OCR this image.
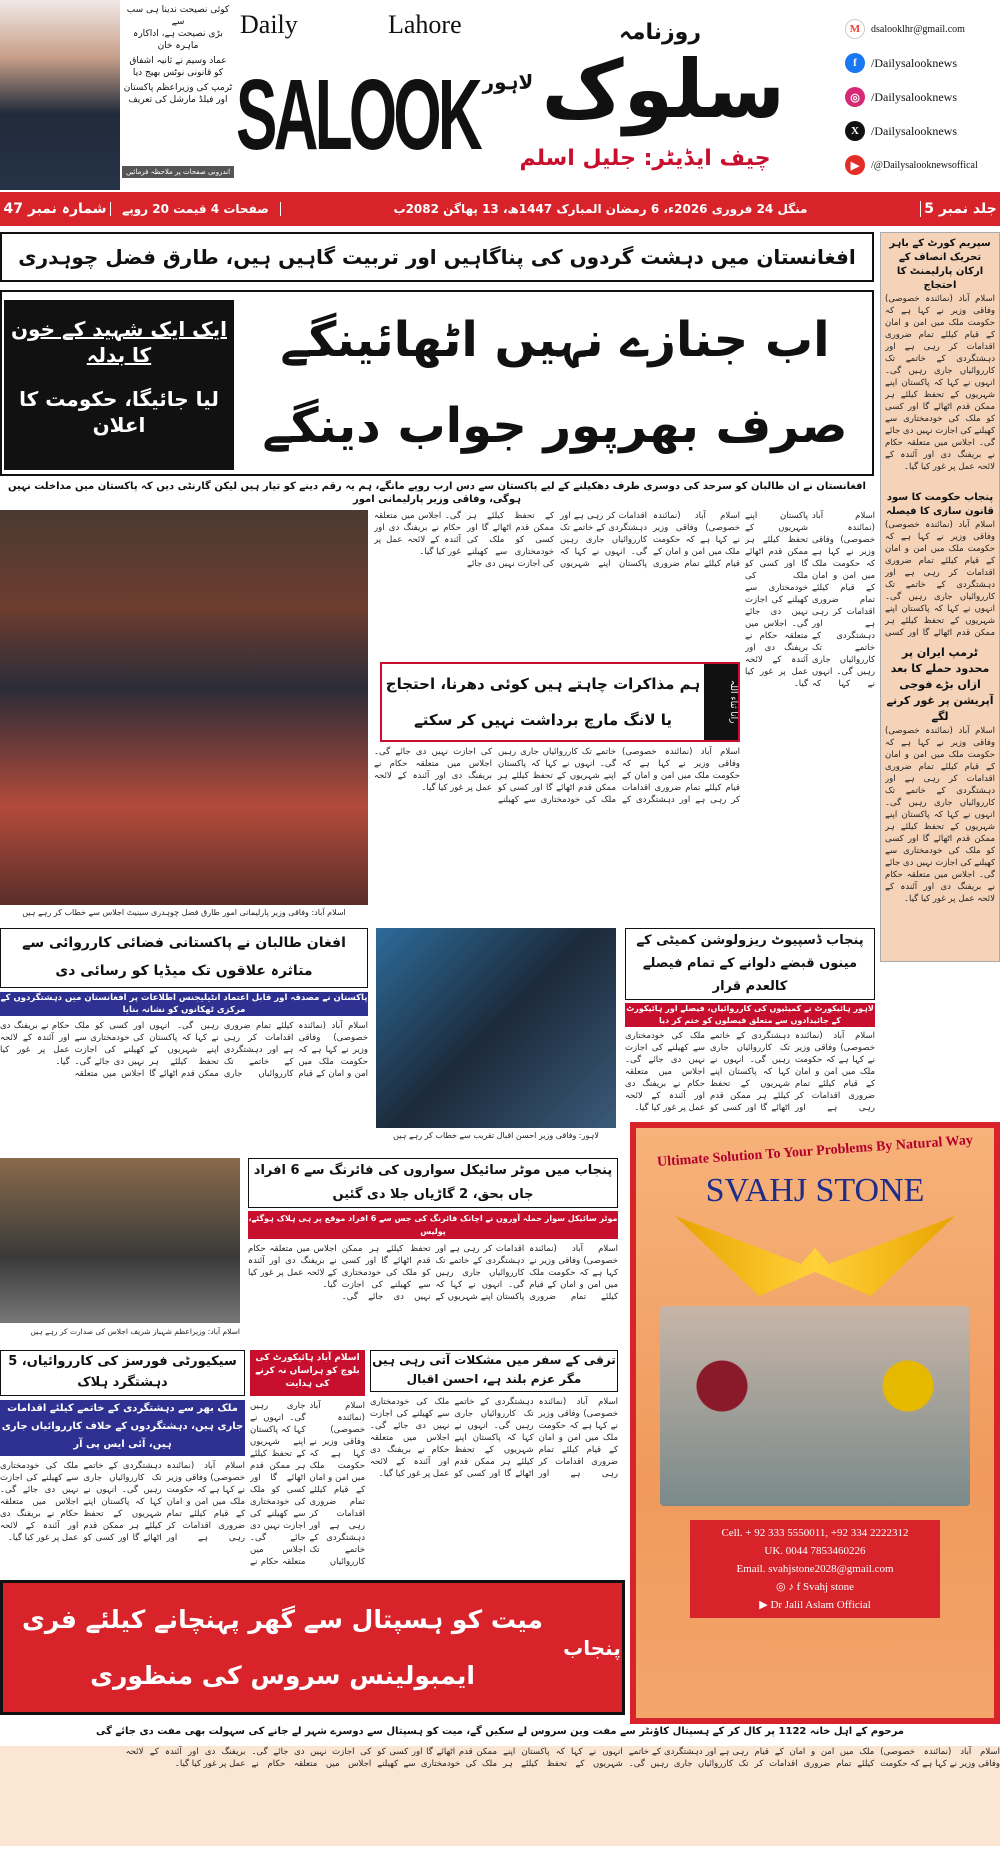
کوئی نصیحت ندینا ہی سب سے
بڑی نصیحت ہے، اداکارہ ماہرہ خان
عماد وسیم نے ثانیہ اشفاق
کو قانونی نوٹس بھیج دیا
ٹرمپ کی وزیراعظم پاکستان
اور فیلڈ مارشل کی تعریف
اندرونی صفحات پر ملاحظہ فرمائیں
Daily	Lahore
SALOOK
روزنامہ
لاہور سلوک
چیف ایڈیٹر: جلیل اسلم
M	dsalooklhr@gmail.com
f	/Dailysalooknews
◎ /Dailysalooknews
X	/Dailysalooknews
▶	/@Dailysalooknewsoffical
جلد نمبر 5
منگل 24 فروری 2026ء، 6 رمضان المبارک 1447ھ، 13 پھاگن 2082ب
صفحات 4 قیمت 20 روپے
شمارہ نمبر 47
افغانستان میں دہشت گردوں کی پناگاہیں اور تربیت گاہیں ہیں، طارق فضل چوہدری
سپریم کورٹ کے باہر تحریک انصاف کے ارکان پارلیمنٹ کا احتجاج
اسلام آباد (نمائندہ خصوصی) وفاقی وزیر نے کہا ہے کہ حکومت ملک میں امن و امان کے قیام کیلئے تمام ضروری اقدامات کر رہی ہے اور دہشتگردی کے خاتمے تک کارروائیاں جاری رہیں گی۔ انہوں نے کہا کہ پاکستان اپنے شہریوں کے تحفظ کیلئے ہر ممکن قدم اٹھائے گا اور کسی کو ملک کی خودمختاری سے کھیلنے کی اجازت نہیں دی جائے گی۔ اجلاس میں متعلقہ حکام نے بریفنگ دی اور آئندہ کے لائحہ عمل پر غور کیا گیا۔
پنجاب حکومت کا سود قانون سازی کا فیصلہ
اسلام آباد (نمائندہ خصوصی) وفاقی وزیر نے کہا ہے کہ حکومت ملک میں امن و امان کے قیام کیلئے تمام ضروری اقدامات کر رہی ہے اور دہشتگردی کے خاتمے تک کارروائیاں جاری رہیں گی۔ انہوں نے کہا کہ پاکستان اپنے شہریوں کے تحفظ کیلئے ہر ممکن قدم اٹھائے گا اور کسی
ٹرمپ ایران پر محدود حملے کا بعد ازاں بڑے فوجی آپریشن پر غور کرنے لگے
اسلام آباد (نمائندہ خصوصی) وفاقی وزیر نے کہا ہے کہ حکومت ملک میں امن و امان کے قیام کیلئے تمام ضروری اقدامات کر رہی ہے اور دہشتگردی کے خاتمے تک کارروائیاں جاری رہیں گی۔ انہوں نے کہا کہ پاکستان اپنے شہریوں کے تحفظ کیلئے ہر ممکن قدم اٹھائے گا اور کسی کو ملک کی خودمختاری سے کھیلنے کی اجازت نہیں دی جائے گی۔ اجلاس میں متعلقہ حکام نے بریفنگ دی اور آئندہ کے لائحہ عمل پر غور کیا گیا۔
ایک ایک شہید کے خون کا بدلہ
لیا جائیگا، حکومت کا اعلان
اب جنازے نہیں اٹھائینگے
صرف بھرپور جواب دینگے
افغانستان نے ان طالبان کو سرحد کی دوسری طرف دھکیلنے کے لیے پاکستان سے دس ارب روپے مانگے، ہم یہ رقم دینے کو تیار ہیں لیکن گارنٹی دیں کہ پاکستان میں مداخلت نہیں ہوگی، وفاقی وزیر پارلیمانی امور
اسلام آباد: وفاقی وزیر پارلیمانی امور طارق فضل چوہدری سینیٹ اجلاس سے خطاب کر رہے ہیں
اسلام آباد (نمائندہ خصوصی) وفاقی وزیر نے کہا ہے کہ حکومت ملک میں امن و امان کے قیام کیلئے تمام ضروری اقدامات کر رہی ہے اور دہشتگردی کے خاتمے تک کارروائیاں جاری رہیں گی۔ انہوں نے کہا کہ پاکستان اپنے شہریوں کے تحفظ کیلئے ہر ممکن قدم اٹھائے گا اور کسی کو ملک کی خودمختاری سے کھیلنے کی اجازت نہیں دی جائے گی۔ اجلاس میں متعلقہ حکام نے بریفنگ دی اور آئندہ کے لائحہ عمل پر غور کیا گیا۔
ہم مذاکرات چاہتے ہیں کوئی دھرنا، احتجاج یا لانگ مارچ برداشت نہیں کر سکتے	رانا ثناء اللہ
اسلام آباد (نمائندہ خصوصی) وفاقی وزیر نے کہا ہے کہ حکومت ملک میں امن و امان کے قیام کیلئے تمام ضروری اقدامات کر رہی ہے اور دہشتگردی کے خاتمے تک کارروائیاں جاری رہیں گی۔ انہوں نے کہا کہ پاکستان اپنے شہریوں کے تحفظ کیلئے ہر ممکن قدم اٹھائے گا اور کسی کو ملک کی خودمختاری سے کھیلنے کی اجازت نہیں دی جائے گی۔ اجلاس میں متعلقہ حکام نے بریفنگ دی اور آئندہ کے لائحہ عمل پر غور کیا گیا۔
اسلام آباد (نمائندہ خصوصی) وفاقی وزیر نے کہا ہے کہ حکومت ملک میں امن و امان کے قیام کیلئے تمام ضروری اقدامات کر رہی ہے اور دہشتگردی کے خاتمے تک کارروائیاں جاری رہیں گی۔ انہوں نے کہا کہ پاکستان اپنے شہریوں کے تحفظ کیلئے ہر ممکن قدم اٹھائے گا اور کسی کو ملک کی خودمختاری سے کھیلنے کی اجازت نہیں دی جائے گی۔ اجلاس میں متعلقہ حکام نے بریفنگ دی اور آئندہ کے لائحہ عمل پر غور کیا گیا۔
افغان طالبان نے پاکستانی فضائی کارروائی سے متاثرہ علاقوں تک میڈیا کو رسائی دی
پاکستان نے مصدقہ اور قابل اعتماد انٹیلیجنس اطلاعات پر افغانستان میں دہشتگردوں کے مرکزی ٹھکانوں کو نشانہ بنایا
اسلام آباد (نمائندہ خصوصی) وفاقی وزیر نے کہا ہے کہ حکومت ملک میں امن و امان کے قیام کیلئے تمام ضروری اقدامات کر رہی ہے اور دہشتگردی کے خاتمے تک کارروائیاں جاری رہیں گی۔ انہوں نے کہا کہ پاکستان اپنے شہریوں کے تحفظ کیلئے ہر ممکن قدم اٹھائے گا اور کسی کو ملک کی خودمختاری سے کھیلنے کی اجازت نہیں دی جائے گی۔ اجلاس میں متعلقہ حکام نے بریفنگ دی اور آئندہ کے لائحہ عمل پر غور کیا گیا۔
اسلام آباد: وزیراعظم شہباز شریف اجلاس کی صدارت کر رہے ہیں
لاہور: وفاقی وزیر احسن اقبال تقریب سے خطاب کر رہے ہیں
پنجاب ڈسپیوٹ ریزولوشن کمیٹی کے مینوں قبضے دلوانے کے تمام فیصلے کالعدم قرار
لاہور ہائیکورٹ نے کمیٹیوں کی کارروائیاں، فیصلے اور ہائیکورٹ کے جائیدادوں سے متعلق فیصلوں کو ختم کر دیا
اسلام آباد (نمائندہ خصوصی) وفاقی وزیر نے کہا ہے کہ حکومت ملک میں امن و امان کے قیام کیلئے تمام ضروری اقدامات کر رہی ہے اور دہشتگردی کے خاتمے تک کارروائیاں جاری رہیں گی۔ انہوں نے کہا کہ پاکستان اپنے شہریوں کے تحفظ کیلئے ہر ممکن قدم اٹھائے گا اور کسی کو ملک کی خودمختاری سے کھیلنے کی اجازت نہیں دی جائے گی۔ اجلاس میں متعلقہ حکام نے بریفنگ دی اور آئندہ کے لائحہ عمل پر غور کیا گیا۔
پنجاب میں موٹر سائیکل سواروں کی فائرنگ سے 6 افراد جاں بحق، 2 گاڑیاں جلا دی گئیں
موٹر سائیکل سوار حملہ آوروں نے اچانک فائرنگ کی جس سے 6 افراد موقع پر ہی ہلاک ہوگئے، پولیس
اسلام آباد (نمائندہ خصوصی) وفاقی وزیر نے کہا ہے کہ حکومت ملک میں امن و امان کے قیام کیلئے تمام ضروری اقدامات کر رہی ہے اور دہشتگردی کے خاتمے تک کارروائیاں جاری رہیں گی۔ انہوں نے کہا کہ پاکستان اپنے شہریوں کے تحفظ کیلئے ہر ممکن قدم اٹھائے گا اور کسی کو ملک کی خودمختاری سے کھیلنے کی اجازت نہیں دی جائے گی۔ اجلاس میں متعلقہ حکام نے بریفنگ دی اور آئندہ کے لائحہ عمل پر غور کیا گیا۔
سیکیورٹی فورسز کی کارروائیاں، 5 دہشتگرد ہلاک
ملک بھر سے دہشتگردی کے خاتمے کیلئے اقدامات جاری ہیں، دہشتگردوں کے خلاف کارروائیاں جاری ہیں، آئی ایس پی آر
اسلام آباد (نمائندہ خصوصی) وفاقی وزیر نے کہا ہے کہ حکومت ملک میں امن و امان کے قیام کیلئے تمام ضروری اقدامات کر رہی ہے اور دہشتگردی کے خاتمے تک کارروائیاں جاری رہیں گی۔ انہوں نے کہا کہ پاکستان اپنے شہریوں کے تحفظ کیلئے ہر ممکن قدم اٹھائے گا اور کسی کو ملک کی خودمختاری سے کھیلنے کی اجازت نہیں دی جائے گی۔ اجلاس میں متعلقہ حکام نے بریفنگ دی اور آئندہ کے لائحہ عمل پر غور کیا گیا۔
اسلام آباد ہائیکورٹ کی بلوچ کو ہراساں نہ کرنے کی ہدایت
اسلام آباد (نمائندہ خصوصی) وفاقی وزیر نے کہا ہے کہ حکومت ملک میں امن و امان کے قیام کیلئے تمام ضروری اقدامات کر رہی ہے اور دہشتگردی کے خاتمے تک کارروائیاں جاری رہیں گی۔ انہوں نے کہا کہ پاکستان اپنے شہریوں کے تحفظ کیلئے ہر ممکن قدم اٹھائے گا اور کسی کو ملک کی خودمختاری سے کھیلنے کی اجازت نہیں دی جائے گی۔ اجلاس میں متعلقہ حکام نے
ترقی کے سفر میں مشکلات آتی رہی ہیں مگر عزم بلند ہے، احسن اقبال
اسلام آباد (نمائندہ خصوصی) وفاقی وزیر نے کہا ہے کہ حکومت ملک میں امن و امان کے قیام کیلئے تمام ضروری اقدامات کر رہی ہے اور دہشتگردی کے خاتمے تک کارروائیاں جاری رہیں گی۔ انہوں نے کہا کہ پاکستان اپنے شہریوں کے تحفظ کیلئے ہر ممکن قدم اٹھائے گا اور کسی کو ملک کی خودمختاری سے کھیلنے کی اجازت نہیں دی جائے گی۔ اجلاس میں متعلقہ حکام نے بریفنگ دی اور آئندہ کے لائحہ عمل پر غور کیا گیا۔
Ultimate Solution To Your Problems By Natural Way
SVAHJ STONE
Cell. + 92 333 5550011, +92 334 2222312
UK. 0044 7853460226
Email. svahjstone2028@gmail.com
◎ ♪ f Svahj stone
▶ Dr Jalil Aslam Official
میت کو ہسپتال سے گھر پہنچانے کیلئے فری ایمبولینس سروس کی منظوری
پنجاب
مرحوم کے اہل خانہ 1122 پر کال کر کے ہسپتال کاؤنٹر سے مفت وین سروس لے سکیں گے، میت کو ہسپتال سے دوسرے شہر لے جانے کی سہولت بھی مفت دی جائے گی
اسلام آباد (نمائندہ خصوصی) وفاقی وزیر نے کہا ہے کہ حکومت ملک میں امن و امان کے قیام کیلئے تمام ضروری اقدامات کر رہی ہے اور دہشتگردی کے خاتمے تک کارروائیاں جاری رہیں گی۔ انہوں نے کہا کہ پاکستان اپنے شہریوں کے تحفظ کیلئے ہر ممکن قدم اٹھائے گا اور کسی کو ملک کی خودمختاری سے کھیلنے کی اجازت نہیں دی جائے گی۔ اجلاس میں متعلقہ حکام نے بریفنگ دی اور آئندہ کے لائحہ عمل پر غور کیا گیا۔
